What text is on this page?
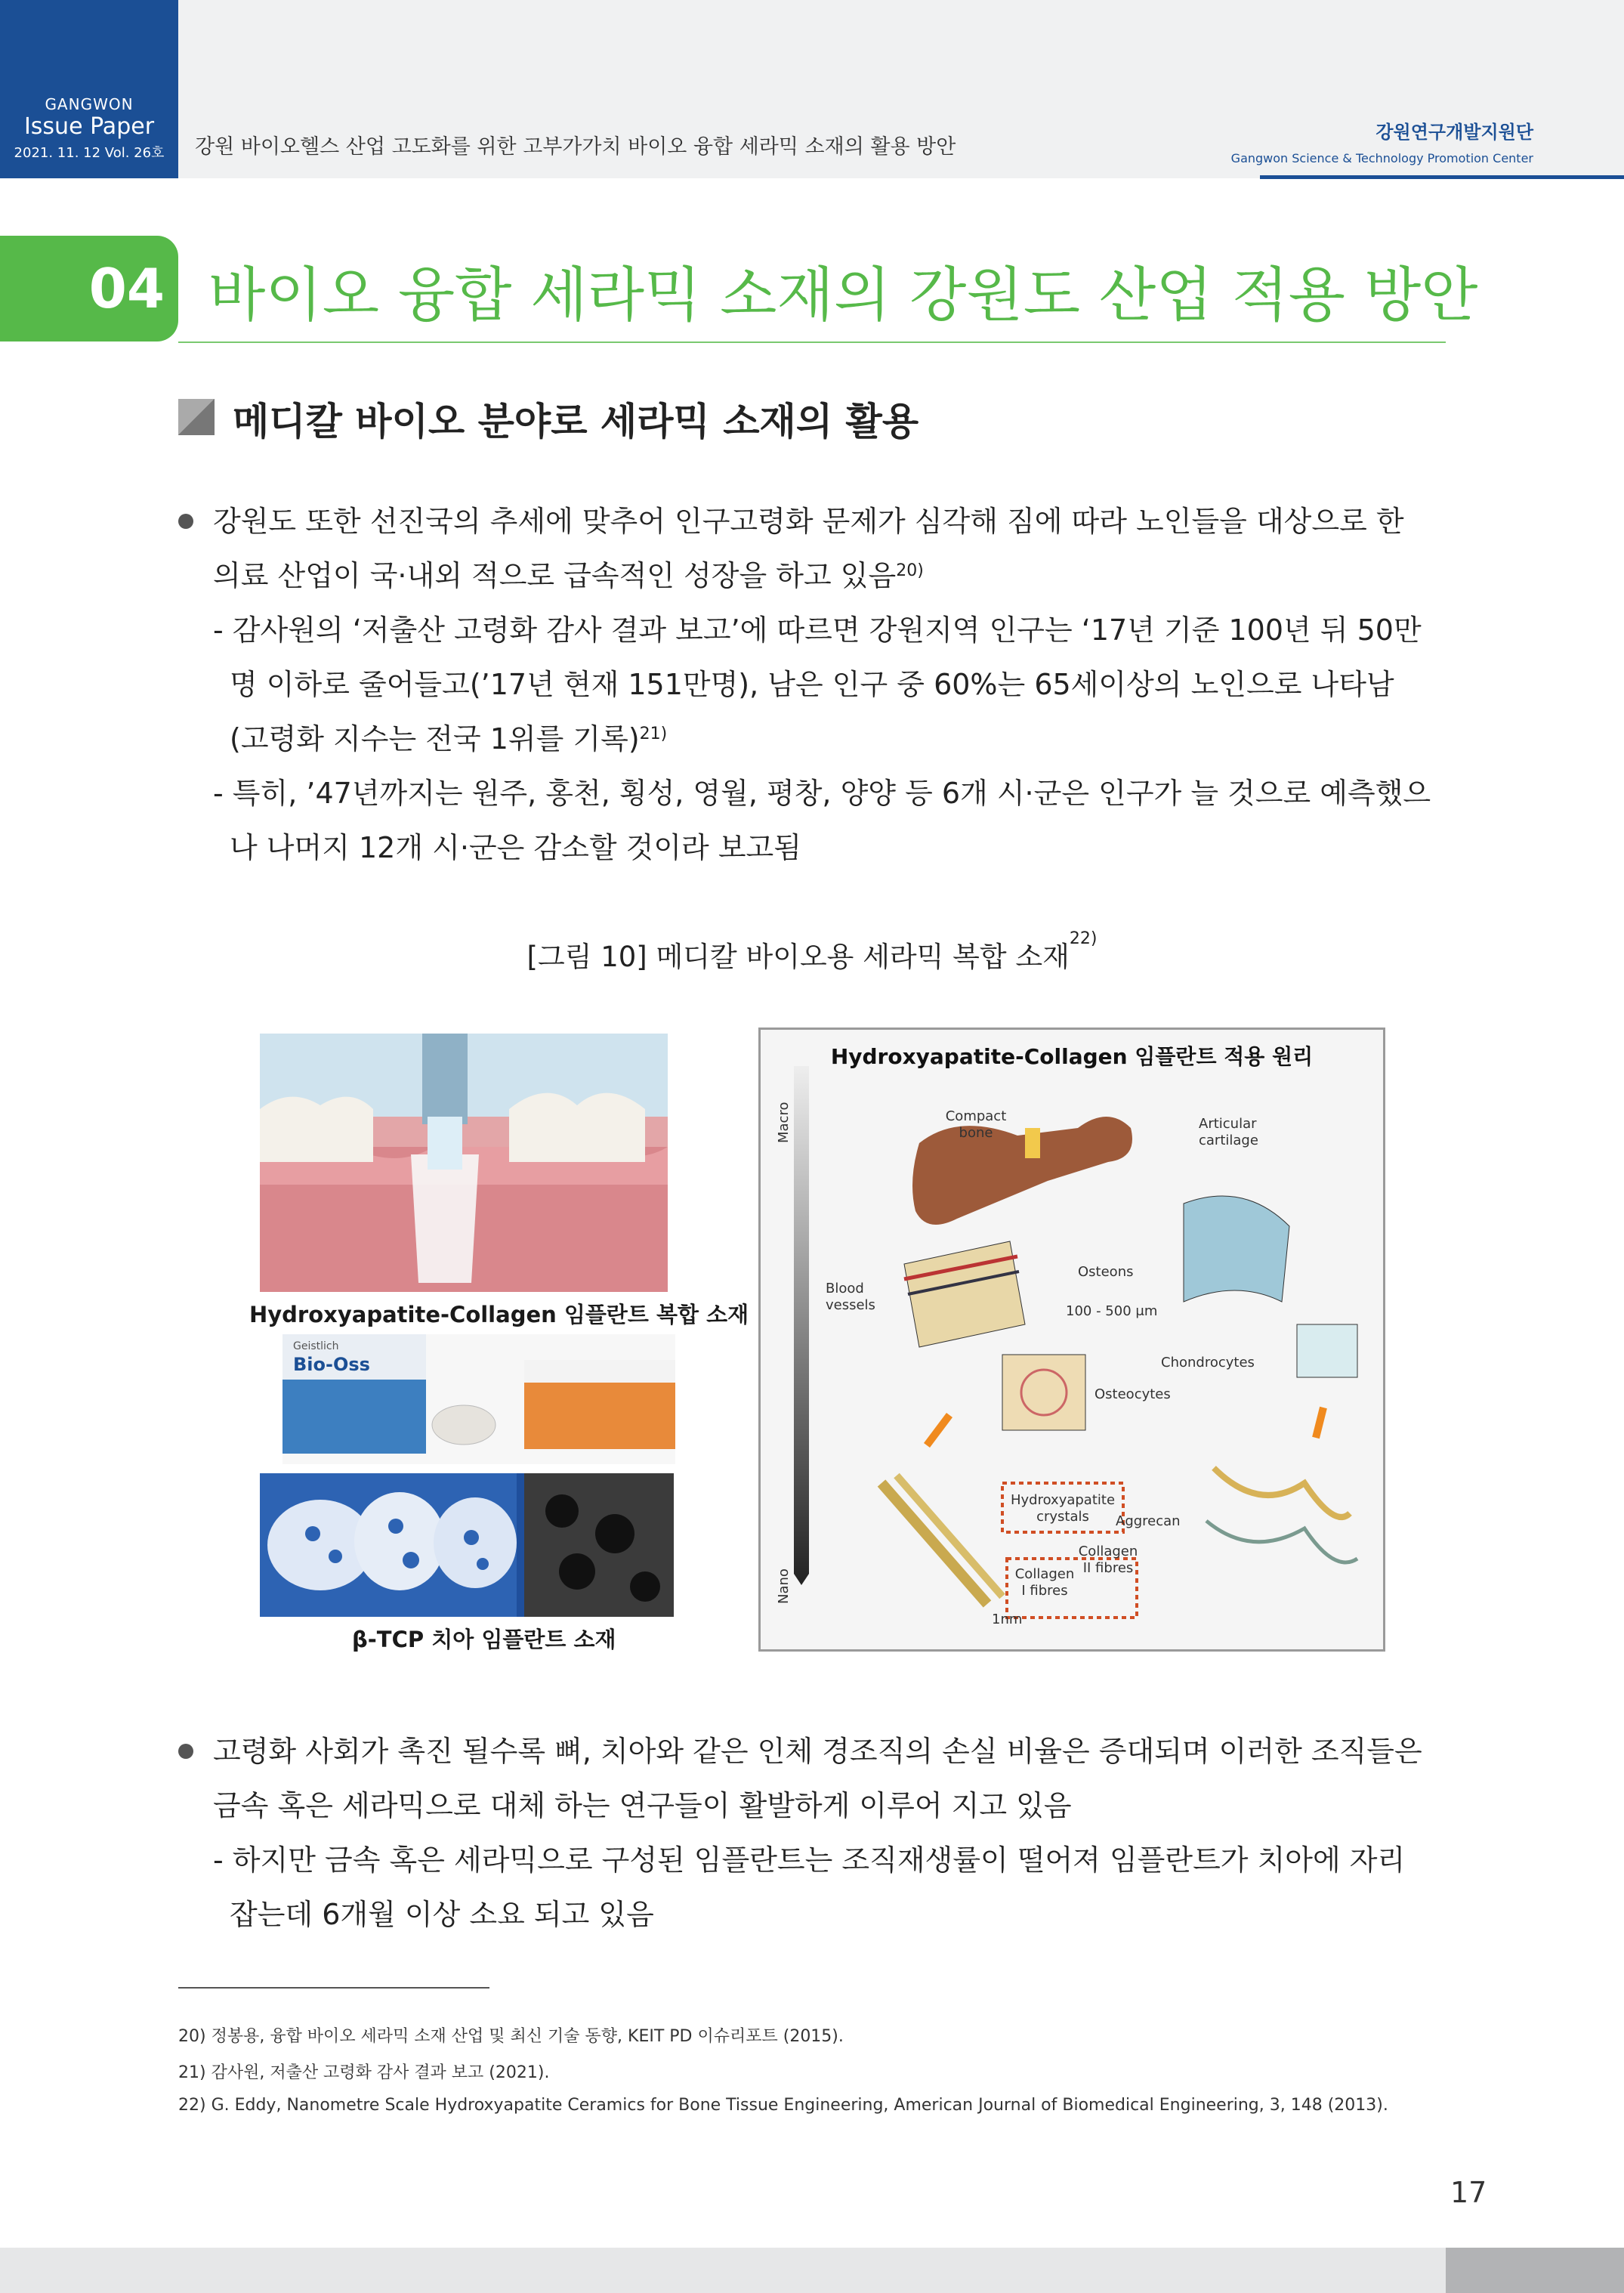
GANGWON
Issue Paper
2021. 11. 12 Vol. 26호	강원 바이오헬스 산업 고도화를 위한 고부가가치 바이오 융합 세라믹 소재의 활용 방안
강원연구개발지원단
Gangwon Science & Technology Promotion Center
04 바이오 융합 세라믹 소재의 강원도 산업 적용 방안
메디칼 바이오 분야로 세라믹 소재의 활용
강원도 또한 선진국의 추세에 맞추어 인구고령화 문제가 심각해 짐에 따라 노인들을 대상으로 한
의료 산업이 국·내외 적으로 급속적인 성장을 하고 있음$^{20)}$
- 감사원의 ‘저출산 고령화 감사 결과 보고’에 따르면 강원지역 인구는 ‘17년 기준 100년 뒤 50만
명 이하로 줄어들고(’17년 현재 151만명), 남은 인구 중 60%는 65세이상의 노인으로 나타남
(고령화 지수는 전국 1위를 기록)$^{21)}$
- 특히, ’47년까지는 원주, 홍천, 횡성, 영월, 평창, 양양 등 6개 시·군은 인구가 늘 것으로 예측했으
나 나머지 12개 시·군은 감소할 것이라 보고됨
[그림 10] 메디칼 바이오용 세라믹 복합 소재$^{22)}$
Hydroxyapatite-Collagen 임플란트 복합 소재
Geistlich
Bio-Oss
β-TCP 치아 임플란트 소재
Hydroxyapatite-Collagen 임플란트 적용 원리
Macro
Nano
Compact bone
Articular cartilage
Blood vessels
Osteons
100 - 500 μm
Chondrocytes
Osteocytes
Hydroxyapatite crystals	Aggrecan
Collagen I fibres
Collagen II fibres
1nm
고령화 사회가 촉진 될수록 뼈, 치아와 같은 인체 경조직의 손실 비율은 증대되며 이러한 조직들은
금속 혹은 세라믹으로 대체 하는 연구들이 활발하게 이루어 지고 있음
- 하지만 금속 혹은 세라믹으로 구성된 임플란트는 조직재생률이 떨어져 임플란트가 치아에 자리
잡는데 6개월 이상 소요 되고 있음
20) 정봉용, 융합 바이오 세라믹 소재 산업 및 최신 기술 동향, KEIT PD 이슈리포트 (2015).
21) 감사원, 저출산 고령화 감사 결과 보고 (2021).
22) G. Eddy, Nanometre Scale Hydroxyapatite Ceramics for Bone Tissue Engineering, American Journal of Biomedical Engineering, 3, 148 (2013).
17
